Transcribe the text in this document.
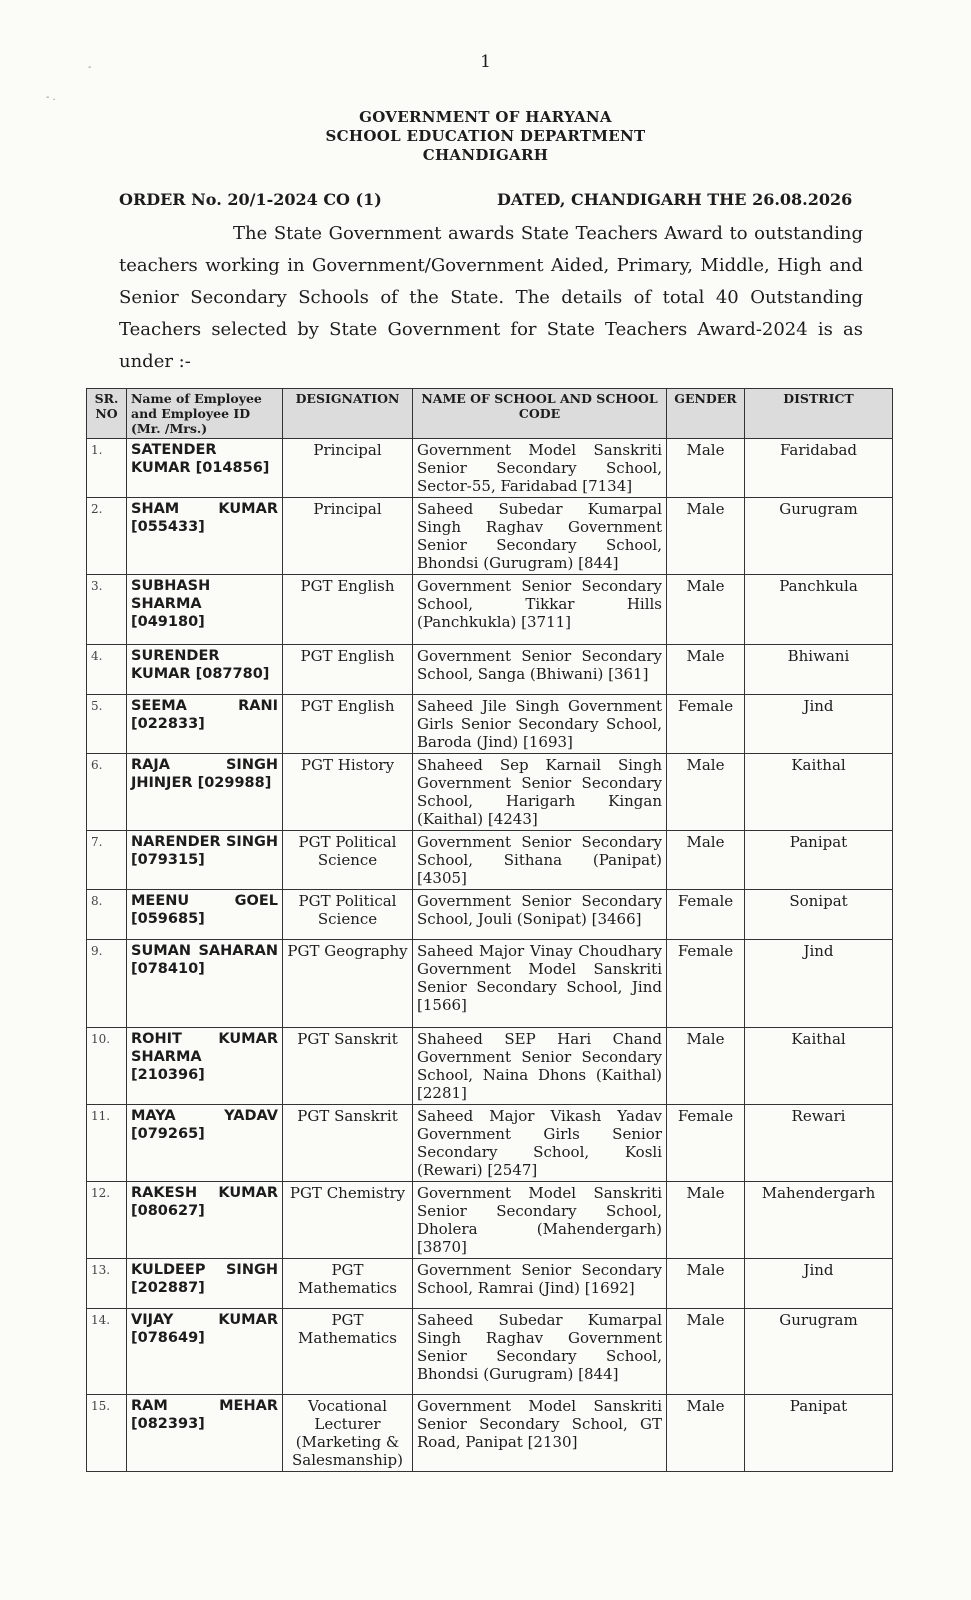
1
-
- .
GOVERNMENT OF HARYANA
SCHOOL EDUCATION DEPARTMENT
CHANDIGARH
ORDER No. 20/1-2024 CO (1)	DATED, CHANDIGARH THE 26.08.2026
The State Government awards State Teachers Award to outstanding teachers working in Government/Government Aided, Primary, Middle, High and Senior Secondary Schools of the State. The details of total 40 Outstanding Teachers selected by State Government for State Teachers Award-2024 is as under :-
SR. NO	Name of Employee and Employee ID (Mr. /Mrs.)	DESIGNATION	NAME OF SCHOOL AND SCHOOL CODE	GENDER	DISTRICT
1.	SATENDER KUMAR [014856]	Principal	Government Model Sanskriti Senior Secondary School, Sector-55, Faridabad [7134]	Male	Faridabad
2.	SHAM KUMAR [055433]	Principal	Saheed Subedar Kumarpal Singh Raghav Government Senior Secondary School, Bhondsi (Gurugram) [844]	Male	Gurugram
3.	SUBHASH SHARMA [049180]	PGT English	Government Senior Secondary School, Tikkar Hills (Panchkukla) [3711]	Male	Panchkula
4.	SURENDER KUMAR [087780]	PGT English	Government Senior Secondary School, Sanga (Bhiwani) [361]	Male	Bhiwani
5.	SEEMA RANI [022833]	PGT English	Saheed Jile Singh Government Girls Senior Secondary School, Baroda (Jind) [1693]	Female	Jind
6.	RAJA SINGH JHINJER [029988]	PGT History	Shaheed Sep Karnail Singh Government Senior Secondary School, Harigarh Kingan (Kaithal) [4243]	Male	Kaithal
7.	NARENDER SINGH [079315]	PGT Political Science	Government Senior Secondary School, Sithana (Panipat) [4305]	Male	Panipat
8.	MEENU GOEL [059685]	PGT Political Science	Government Senior Secondary School, Jouli (Sonipat) [3466]	Female	Sonipat
9.	SUMAN SAHARAN [078410]	PGT Geography	Saheed Major Vinay Choudhary Government Model Sanskriti Senior Secondary School, Jind [1566]	Female	Jind
10.	ROHIT KUMAR SHARMA [210396]	PGT Sanskrit	Shaheed SEP Hari Chand Government Senior Secondary School, Naina Dhons (Kaithal) [2281]	Male	Kaithal
11.	MAYA YADAV [079265]	PGT Sanskrit	Saheed Major Vikash Yadav Government Girls Senior Secondary School, Kosli (Rewari) [2547]	Female	Rewari
12.	RAKESH KUMAR [080627]	PGT Chemistry	Government Model Sanskriti Senior Secondary School, Dholera (Mahendergarh) [3870]	Male	Mahendergarh
13.	KULDEEP SINGH [202887]	PGT Mathematics	Government Senior Secondary School, Ramrai (Jind) [1692]	Male	Jind
14.	VIJAY KUMAR [078649]	PGT Mathematics	Saheed Subedar Kumarpal Singh Raghav Government Senior Secondary School, Bhondsi (Gurugram) [844]	Male	Gurugram
15.	RAM MEHAR [082393]	Vocational Lecturer (Marketing & Salesmanship)	Government Model Sanskriti Senior Secondary School, GT Road, Panipat [2130]	Male	Panipat
